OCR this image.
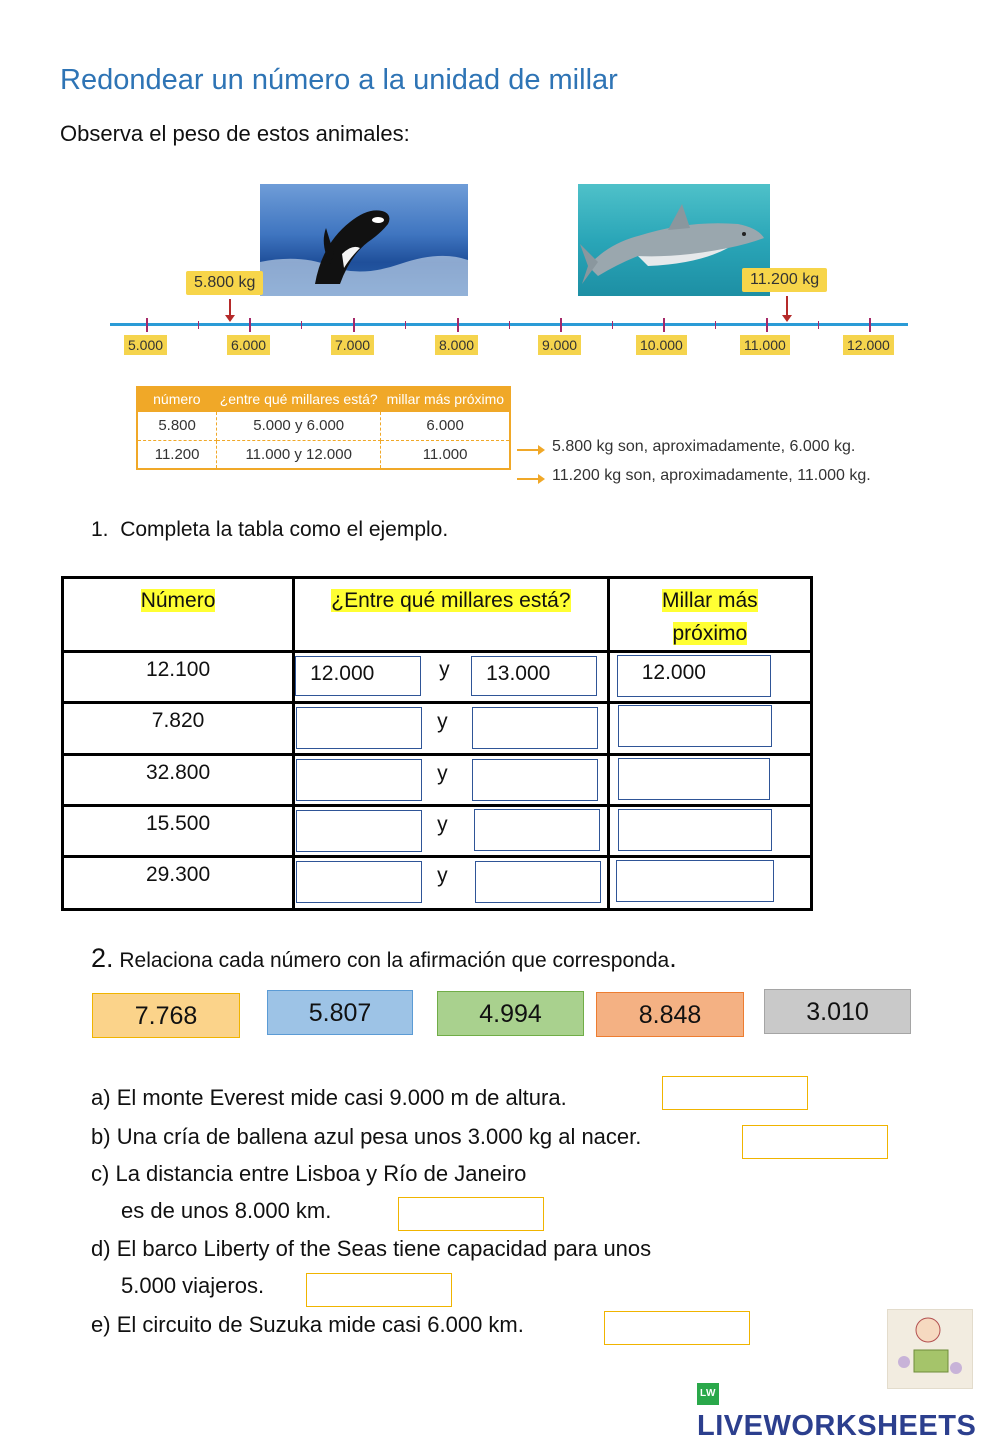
Redondear un número a la unidad de millar
Observa el peso de estos animales:
5.000	6.000	7.000	8.000	9.000	10.000	11.000	12.000
5.800 kg	11.200 kg
número	¿entre qué millares está?	millar más próximo
5.800	5.000 y 6.000	6.000
11.200	11.000 y 12.000	11.000	5.800 kg son, aproximadamente, 6.000 kg.
11.200 kg son, aproximadamente, 11.000 kg.
1. Completa la tabla como el ejemplo.
Número	¿Entre qué millares está?	Millar más
próximo
12.100	12.000 y 13.000	12.000

7.820	y	

32.800	y	

15.500	y	

29.300	y	

2. Relaciona cada número con la afirmación que corresponda.
7.768	5.807	4.994	8.848	3.010
a) El monte Everest mide casi 9.000 m de altura.
b) Una cría de ballena azul pesa unos 3.000 kg al nacer.
c) La distancia entre Lisboa y Río de Janeiro
es de unos 8.000 km.
d) El barco Liberty of the Seas tiene capacidad para unos
5.000 viajeros.
e) El circuito de Suzuka mide casi 6.000 km.
LWLIVEWORKSHEETS
